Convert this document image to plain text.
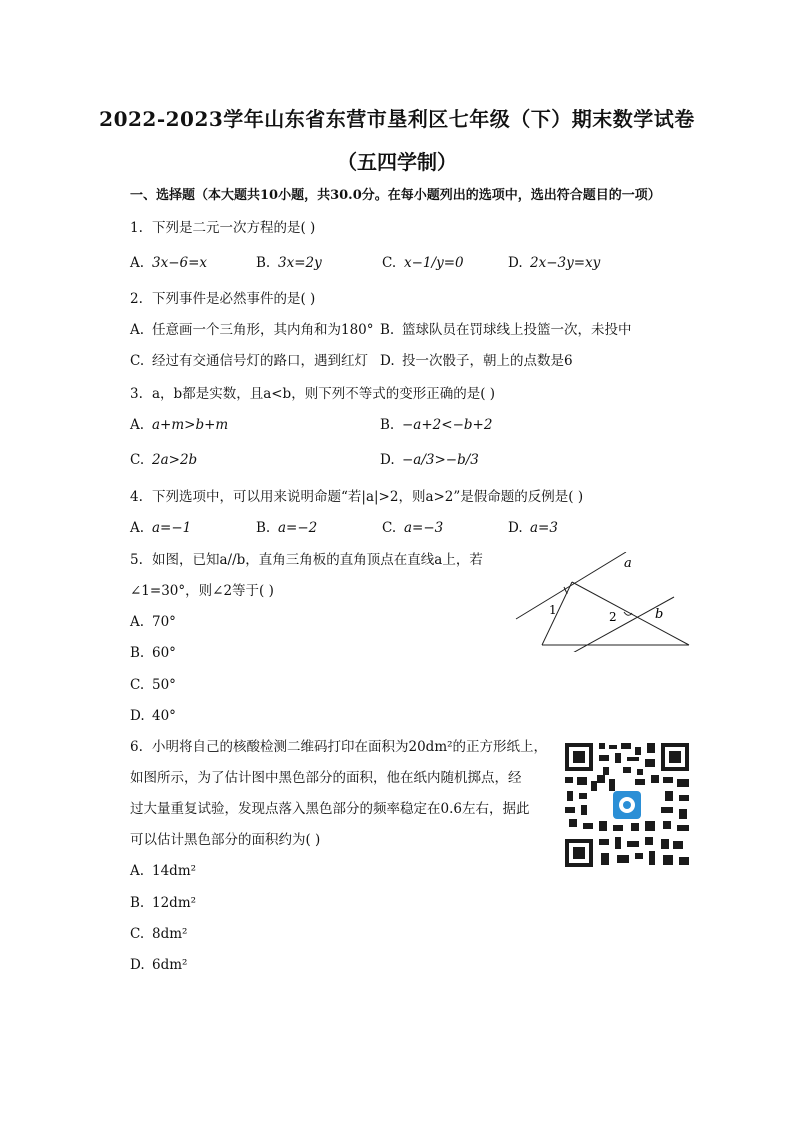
2022-2023学年山东省东营市垦利区七年级（下）期末数学试卷
（五四学制）
一、选择题（本大题共10小题，共30.0分。在每小题列出的选项中，选出符合题目的一项）
1. 下列是二元一次方程的是( )
A. 3x−6=x	B. 3x=2y	C. x−1/y=0	D. 2x−3y=xy
2. 下列事件是必然事件的是( )
A. 任意画一个三角形，其内角和为180° B. 篮球队员在罚球线上投篮一次，未投中
C. 经过有交通信号灯的路口，遇到红灯 D. 投一次骰子，朝上的点数是6
3. a，b都是实数，且a<b，则下列不等式的变形正确的是( )
A. a+m>b+m	B. −a+2<−b+2
C. 2a>2b	D. −a/3>−b/3
4. 下列选项中，可以用来说明命题“若|a|>2，则a>2”是假命题的反例是( )
A. a=−1	B. a=−2	C. a=−3	D. a=3
5. 如图，已知a//b，直角三角板的直角顶点在直线a上，若
∠1=30°，则∠2等于( )
A. 70°
B. 60°
C. 50°
D. 40°
a
b
1	2
6. 小明将自己的核酸检测二维码打印在面积为20dm²的正方形纸上，
如图所示，为了估计图中黑色部分的面积，他在纸内随机掷点，经
过大量重复试验，发现点落入黑色部分的频率稳定在0.6左右，据此
可以估计黑色部分的面积约为( )
A. 14dm²
B. 12dm²
C. 8dm²
D. 6dm²
